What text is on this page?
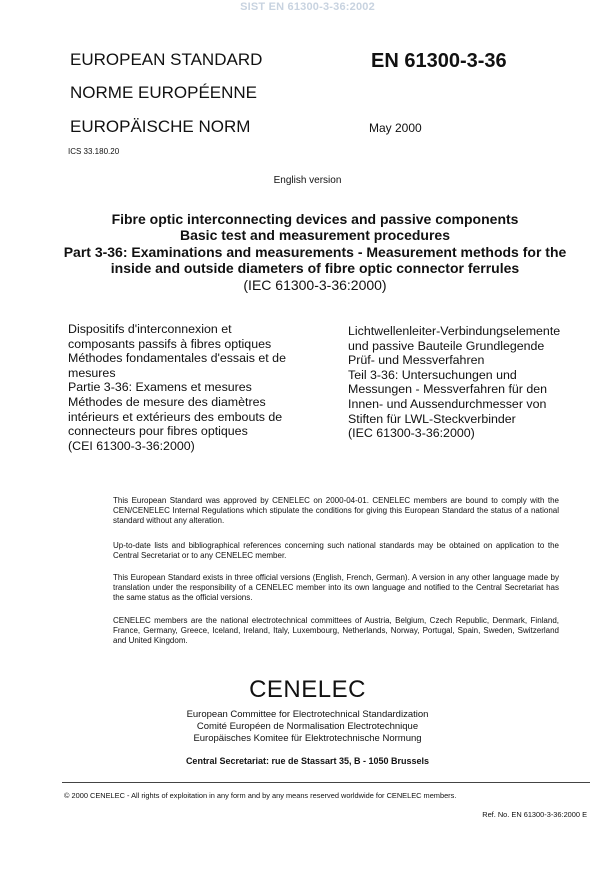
SIST EN 61300-3-36:2002
EUROPEAN STANDARD
NORME EUROPÉENNE
EUROPÄISCHE NORM
EN 61300-3-36
May 2000
ICS 33.180.20
English version
Fibre optic interconnecting devices and passive components
Basic test and measurement procedures
Part 3-36: Examinations and measurements - Measurement methods for the inside and outside diameters of fibre optic connector ferrules
(IEC 61300-3-36:2000)
Dispositifs d'interconnexion et
composants passifs à fibres optiques
Méthodes fondamentales d'essais et de
mesures
Partie 3-36: Examens et mesures
Méthodes de mesure des diamètres
intérieurs et extérieurs des embouts de
connecteurs pour fibres optiques
(CEI 61300-3-36:2000)
Lichtwellenleiter-Verbindungselemente
und passive Bauteile Grundlegende
Prüf- und Messverfahren
Teil 3-36: Untersuchungen und
Messungen - Messverfahren für den
Innen- und Aussendurchmesser von
Stiften für LWL-Steckverbinder
(IEC 61300-3-36:2000)
This European Standard was approved by CENELEC on 2000-04-01. CENELEC members are bound to comply with the CEN/CENELEC Internal Regulations which stipulate the conditions for giving this European Standard the status of a national standard without any alteration.
Up-to-date lists and bibliographical references concerning such national standards may be obtained on application to the Central Secretariat or to any CENELEC member.
This European Standard exists in three official versions (English, French, German). A version in any other language made by translation under the responsibility of a CENELEC member into its own language and notified to the Central Secretariat has the same status as the official versions.
CENELEC members are the national electrotechnical committees of Austria, Belgium, Czech Republic, Denmark, Finland, France, Germany, Greece, Iceland, Ireland, Italy, Luxembourg, Netherlands, Norway, Portugal, Spain, Sweden, Switzerland and United Kingdom.
CENELEC
European Committee for Electrotechnical Standardization
Comité Européen de Normalisation Electrotechnique
Europäisches Komitee für Elektrotechnische Normung
Central Secretariat: rue de Stassart 35, B - 1050 Brussels
© 2000 CENELEC - All rights of exploitation in any form and by any means reserved worldwide for CENELEC members.
Ref. No. EN 61300-3-36:2000 E
